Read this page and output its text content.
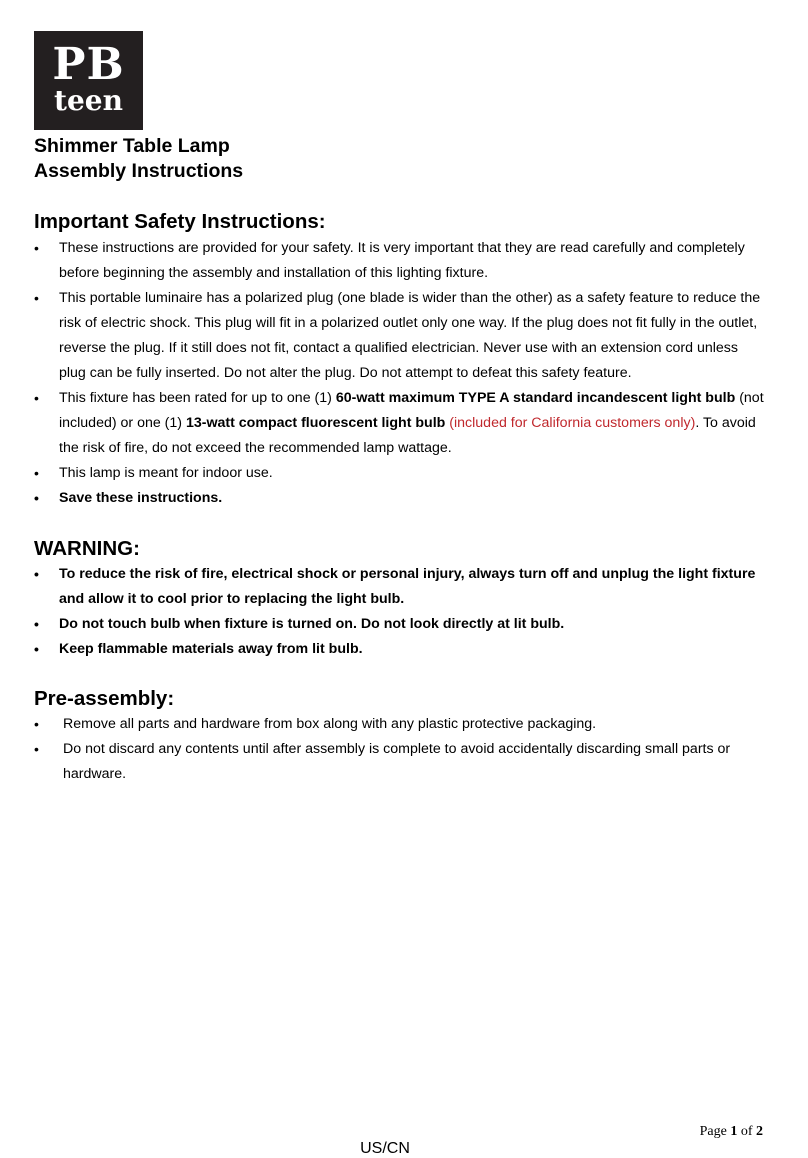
PB
teen
Shimmer Table Lamp
Assembly Instructions
Important Safety Instructions:
• These instructions are provided for your safety. It is very important that they are read carefully and completely before beginning the assembly and installation of this lighting fixture.
• This portable luminaire has a polarized plug (one blade is wider than the other) as a safety feature to reduce the risk of electric shock. This plug will fit in a polarized outlet only one way. If the plug does not fit fully in the outlet, reverse the plug. If it still does not fit, contact a qualified electrician. Never use with an extension cord unless plug can be fully inserted. Do not alter the plug. Do not attempt to defeat this safety feature.
• This fixture has been rated for up to one (1) 60-watt maximum TYPE A standard incandescent light bulb (not included) or one (1) 13-watt compact fluorescent light bulb (included for California customers only). To avoid the risk of fire, do not exceed the recommended lamp wattage.
• This lamp is meant for indoor use.
• Save these instructions.
WARNING:
• To reduce the risk of fire, electrical shock or personal injury, always turn off and unplug the light fixture and allow it to cool prior to replacing the light bulb.
• Do not touch bulb when fixture is turned on. Do not look directly at lit bulb.
• Keep flammable materials away from lit bulb.
Pre-assembly:
• Remove all parts and hardware from box along with any plastic protective packaging.
• Do not discard any contents until after assembly is complete to avoid accidentally discarding small parts or hardware.
Page 1 of 2
US/CN
